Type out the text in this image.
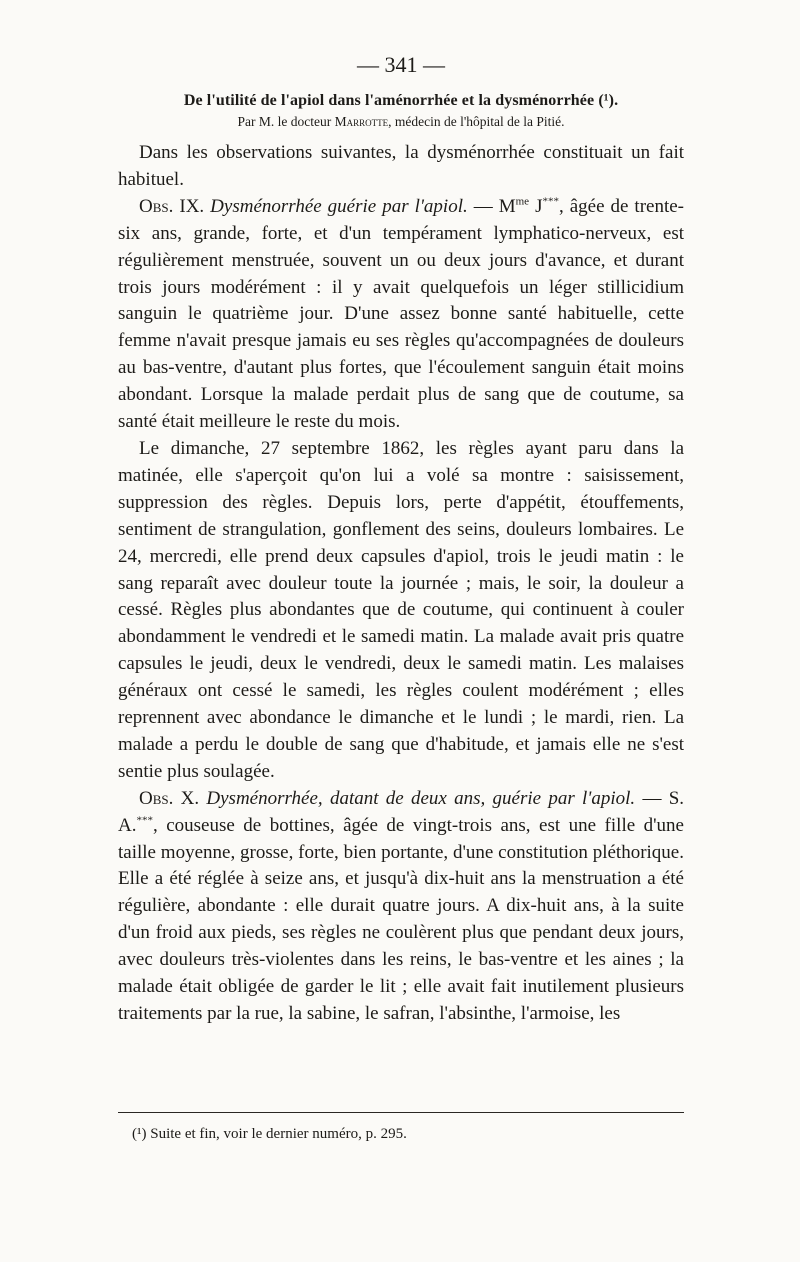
— 341 —
De l'utilité de l'apiol dans l'aménorrhée et la dysménorrhée (¹).
Par M. le docteur Marrotte, médecin de l'hôpital de la Pitié.

Dans les observations suivantes, la dysménorrhée constituait un fait habituel.

Obs. IX. Dysménorrhée guérie par l'apiol. — $M^{me}$ J***, âgée de trente-six ans, grande, forte, et d'un tempérament lymphatico-nerveux, est régulièrement menstruée, souvent un ou deux jours d'avance, et durant trois jours modérément : il y avait quelquefois un léger stillicidium sanguin le quatrième jour. D'une assez bonne santé habituelle, cette femme n'avait presque jamais eu ses règles qu'accompagnées de douleurs au bas-ventre, d'autant plus fortes, que l'écoulement sanguin était moins abondant. Lorsque la malade perdait plus de sang que de coutume, sa santé était meilleure le reste du mois.

Le dimanche, 27 septembre 1862, les règles ayant paru dans la matinée, elle s'aperçoit qu'on lui a volé sa montre : saisissement, suppression des règles. Depuis lors, perte d'appétit, étouffements, sentiment de strangulation, gonflement des seins, douleurs lombaires. Le 24, mercredi, elle prend deux capsules d'apiol, trois le jeudi matin : le sang reparaît avec douleur toute la journée ; mais, le soir, la douleur a cessé. Règles plus abondantes que de coutume, qui continuent à couler abondamment le vendredi et le samedi matin. La malade avait pris quatre capsules le jeudi, deux le vendredi, deux le samedi matin. Les malaises généraux ont cessé le samedi, les règles coulent modérément ; elles reprennent avec abondance le dimanche et le lundi ; le mardi, rien. La malade a perdu le double de sang que d'habitude, et jamais elle ne s'est sentie plus soulagée.

Obs. X. Dysménorrhée, datant de deux ans, guérie par l'apiol. — S. A.***, couseuse de bottines, âgée de vingt-trois ans, est une fille d'une taille moyenne, grosse, forte, bien portante, d'une constitution pléthorique. Elle a été réglée à seize ans, et jusqu'à dix-huit ans la menstruation a été régulière, abondante : elle durait quatre jours. A dix-huit ans, à la suite d'un froid aux pieds, ses règles ne coulèrent plus que pendant deux jours, avec douleurs très-violentes dans les reins, le bas-ventre et les aines ; la malade était obligée de garder le lit ; elle avait fait inutilement plusieurs traitements par la rue, la sabine, le safran, l'absinthe, l'armoise, les

(¹) Suite et fin, voir le dernier numéro, p. 295.
